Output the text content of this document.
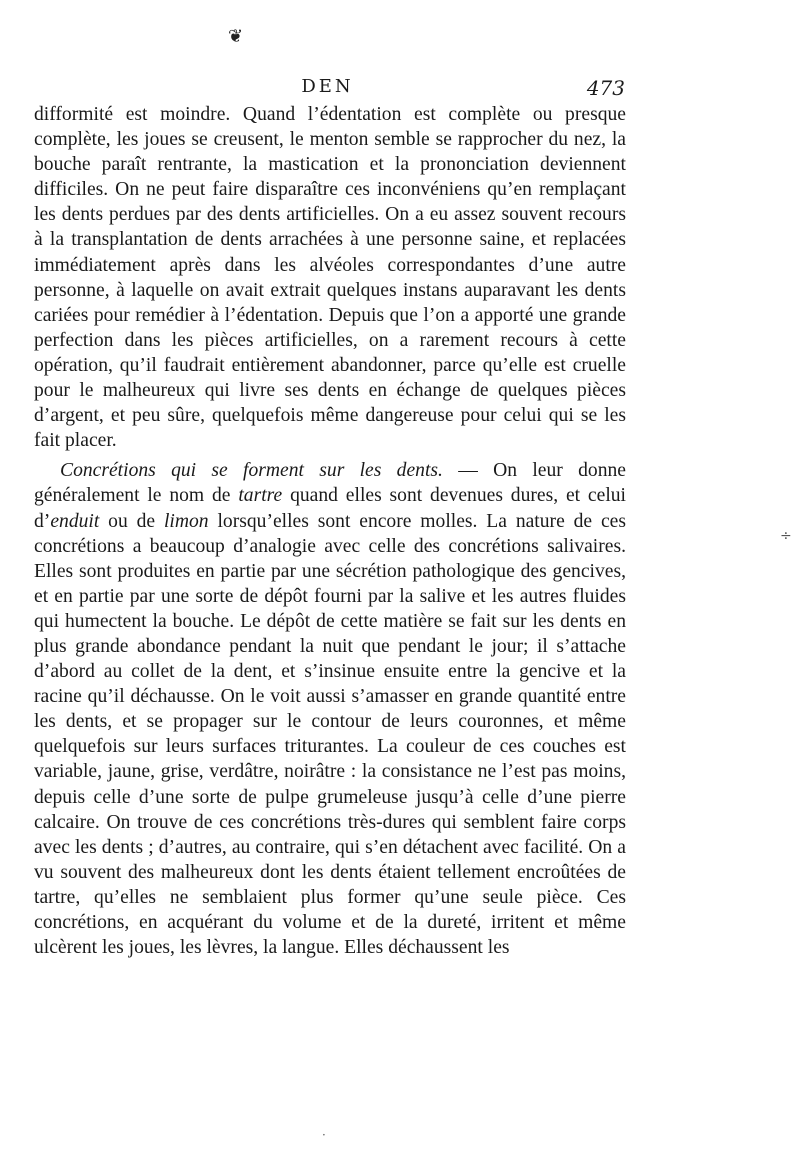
❦
DEN	473

difformité est moindre. Quand l’édentation est complète ou presque complète, les joues se creusent, le menton semble se rapprocher du nez, la bouche paraît rentrante, la mastication et la prononciation deviennent difficiles. On ne peut faire disparaître ces inconvéniens qu’en remplaçant les dents perdues par des dents artificielles. On a eu assez souvent recours à la transplantation de dents arrachées à une personne saine, et replacées immédiatement après dans les alvéoles correspondantes d’une autre personne, à laquelle on avait extrait quelques instans auparavant les dents cariées pour remédier à l’édentation. Depuis que l’on a apporté une grande perfection dans les pièces artificielles, on a rarement recours à cette opération, qu’il faudrait entièrement abandonner, parce qu’elle est cruelle pour le malheureux qui livre ses dents en échange de quelques pièces d’argent, et peu sûre, quelquefois même dangereuse pour celui qui se les fait placer.

Concrétions qui se forment sur les dents. — On leur donne généralement le nom de tartre quand elles sont devenues dures, et celui d’enduit ou de limon lorsqu’elles sont encore molles. La nature de ces concrétions a beaucoup d’analogie avec celle des concrétions salivaires. Elles sont produites en partie par une sécrétion pathologique des gencives, et en partie par une sorte de dépôt fourni par la salive et les autres fluides qui humectent la bouche. Le dépôt de cette matière se fait sur les dents en plus grande abondance pendant la nuit que pendant le jour; il s’attache d’abord au collet de la dent, et s’insinue ensuite entre la gencive et la racine qu’il déchausse. On le voit aussi s’amasser en grande quantité entre les dents, et se propager sur le contour de leurs couronnes, et même quelquefois sur leurs surfaces triturantes. La couleur de ces couches est variable, jaune, grise, verdâtre, noirâtre : la consistance ne l’est pas moins, depuis celle d’une sorte de pulpe grumeleuse jusqu’à celle d’une pierre calcaire. On trouve de ces concrétions très-dures qui semblent faire corps avec les dents ; d’autres, au contraire, qui s’en détachent avec facilité. On a vu souvent des malheureux dont les dents étaient tellement encroûtées de tartre, qu’elles ne semblaient plus former qu’une seule pièce. Ces concrétions, en acquérant du volume et de la dureté, irritent et même ulcèrent les joues, les lèvres, la langue. Elles déchaussent les

÷
·
